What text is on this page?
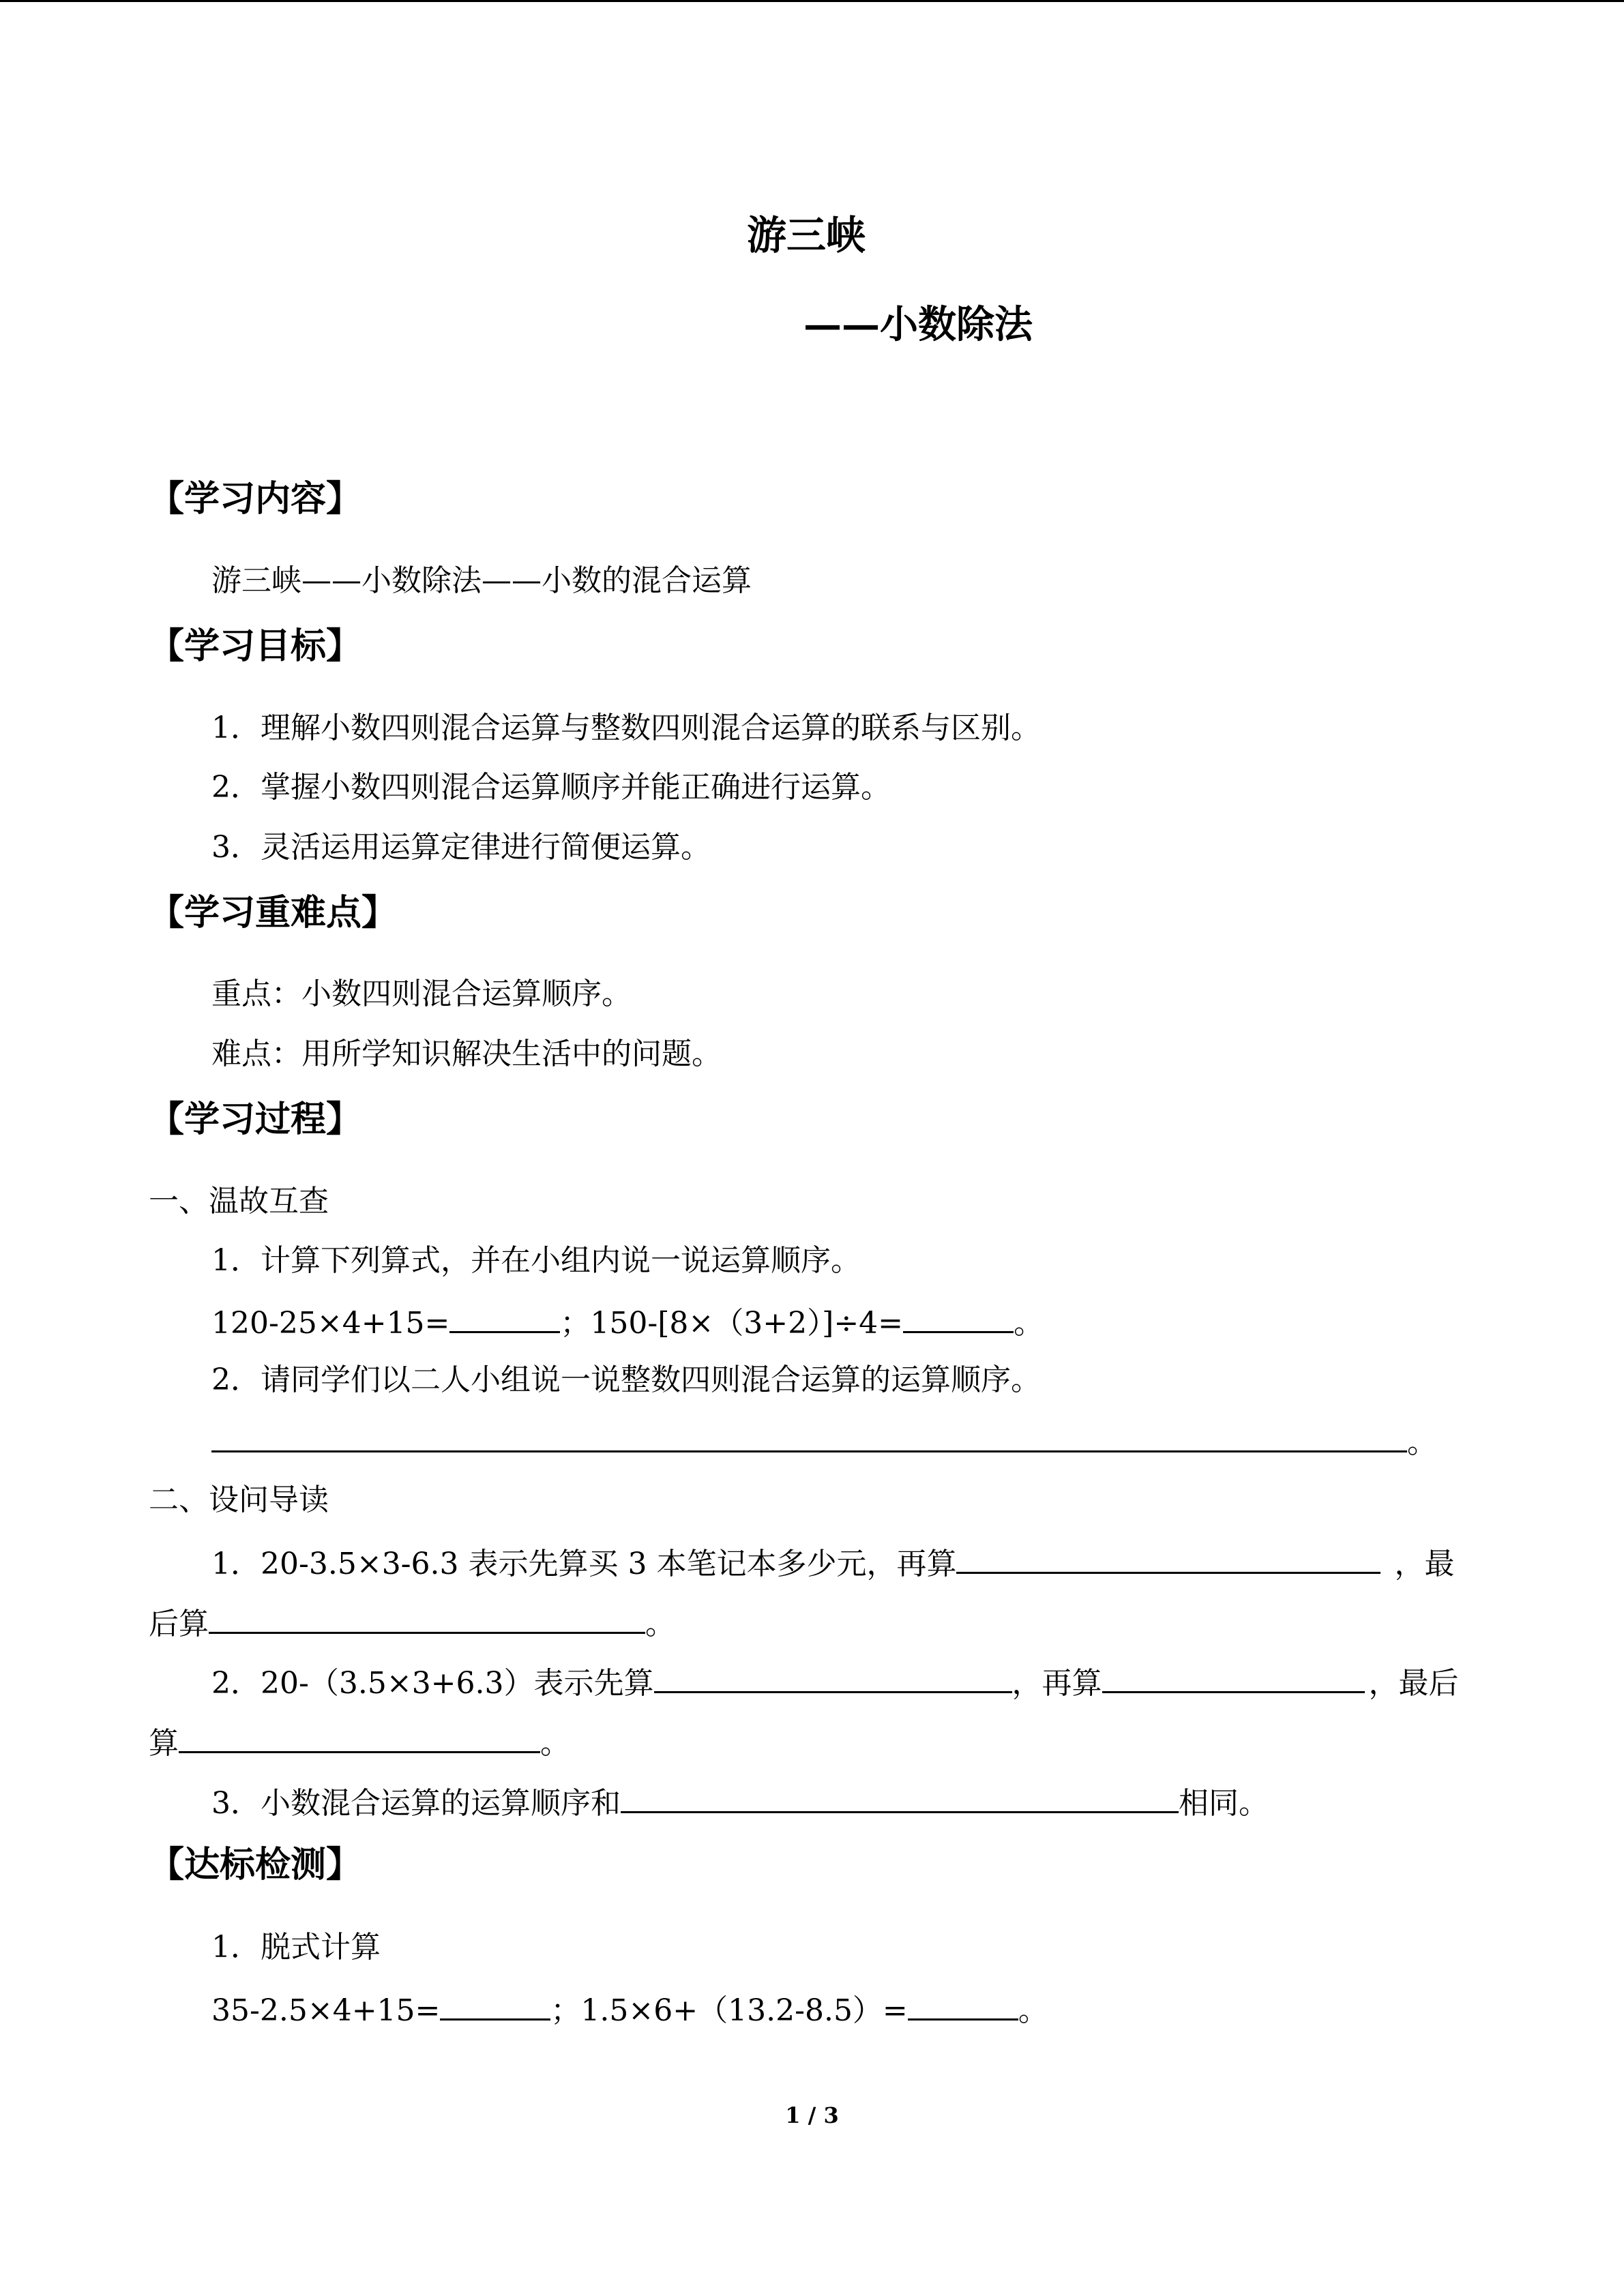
游三峡
——小数除法
【学习内容】
游三峡——小数除法——小数的混合运算
【学习目标】
1．理解小数四则混合运算与整数四则混合运算的联系与区别。
2．掌握小数四则混合运算顺序并能正确进行运算。
3．灵活运用运算定律进行简便运算。
【学习重难点】
重点：小数四则混合运算顺序。
难点：用所学知识解决生活中的问题。
【学习过程】
一、温故互查
1．计算下列算式，并在小组内说一说运算顺序。
120-25×4+15=	；150-[8×（3+2）]÷4=	。
2．请同学们以二人小组说一说整数四则混合运算的运算顺序。
。
二、设问导读
1．20-3.5×3-6.3 表示先算买 3 本笔记本多少元，再算	，最
后算	。
2．20-（3.5×3+6.3）表示先算	，再算	，最后
算	。
3．小数混合运算的运算顺序和	相同。
【达标检测】
1．脱式计算
35-2.5×4+15=	；1.5×6+（13.2-8.5）=	。
1 / 3
